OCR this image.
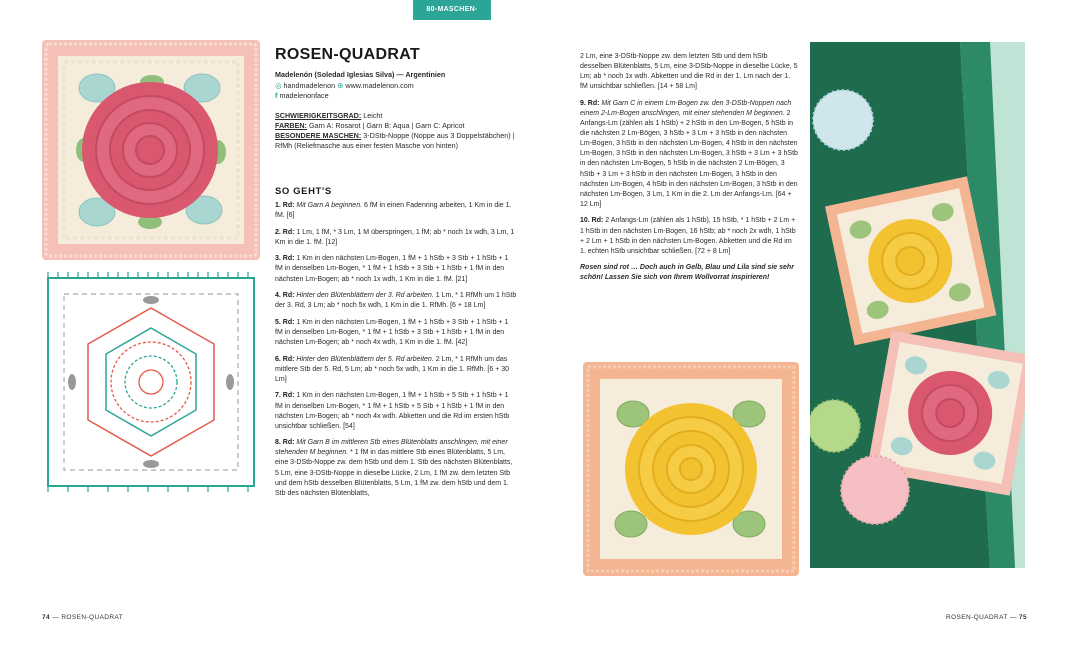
80-MASCHEN-QUADRAT
ROSEN-QUADRAT
Madelenón (Soledad Iglesias Silva) — Argentinien
◎ handmadelenon ⊕ www.madelenon.com
f madelenonface
SCHWIERIGKEITSGRAD: Leicht
FARBEN: Garn A: Rosarot | Garn B: Aqua | Garn C: Apricot
BESONDERE MASCHEN: 3-DStb-Noppe (Noppe aus 3 Doppelstäbchen) | RfMh (Reliefmasche aus einer festen Masche von hinten)
SO GEHT'S

1. Rd: Mit Garn A beginnen. 6 fM in einen Fadenring arbeiten, 1 Km in die 1. fM. [6]

2. Rd: 1 Lm, 1 fM, * 3 Lm, 1 M überspringen, 1 fM; ab * noch 1x wdh, 3 Lm, 1 Km in die 1. fM. [12]

3. Rd: 1 Km in den nächsten Lm-Bogen, 1 fM + 1 hStb + 3 Stb + 1 hStb + 1 fM in denselben Lm-Bogen, * 1 fM + 1 hStb + 3 Stb + 1 hStb + 1 fM in den nächsten Lm-Bogen; ab * noch 1x wdh, 1 Km in die 1. fM. [21]

4. Rd: Hinter den Blütenblättern der 3. Rd arbeiten. 1 Lm, * 1 RfMh um 1 hStb der 3. Rd, 3 Lm; ab * noch 5x wdh, 1 Km in die 1. RfMh. [6 + 18 Lm]

5. Rd: 1 Km in den nächsten Lm-Bogen, 1 fM + 1 hStb + 3 Stb + 1 hStb + 1 fM in denselben Lm-Bogen, * 1 fM + 1 hStb + 3 Stb + 1 hStb + 1 fM in den nächsten Lm-Bogen; ab * noch 4x wdh, 1 Km in die 1. fM. [42]

6. Rd: Hinter den Blütenblättern der 5. Rd arbeiten. 2 Lm, * 1 RfMh um das mittlere Stb der 5. Rd, 5 Lm; ab * noch 5x wdh, 1 Km in die 1. RfMh. [6 + 30 Lm]

7. Rd: 1 Km in den nächsten Lm-Bogen, 1 fM + 1 hStb + 5 Stb + 1 hStb + 1 fM in denselben Lm-Bogen, * 1 fM + 1 hStb + 5 Stb + 1 hStb + 1 fM in den nächsten Lm-Bogen; ab * noch 4x wdh. Abketten und die Rd im ersten hStb unsichtbar schließen. [54]

8. Rd: Mit Garn B im mittleren Stb eines Blütenblatts anschlingen, mit einer stehenden M beginnen. * 1 fM in das mittlere Stb eines Blütenblatts, 5 Lm, eine 3-DStb-Noppe zw. dem hStb und dem 1. Stb des nächsten Blütenblatts, 5 Lm, eine 3-DStb-Noppe in dieselbe Lücke, 2 Lm, 1 fM zw. dem letzten Stb und dem hStb desselben Blütenblatts, 5 Lm, 1 fM zw. dem hStb und dem 1. Stb des nächsten Blütenblatts,

2 Lm, eine 3-DStb-Noppe zw. dem letzten Stb und dem hStb desselben Blütenblatts, 5 Lm, eine 3-DStb-Noppe in dieselbe Lücke, 5 Lm; ab * noch 1x wdh. Abketten und die Rd in der 1. Lm nach der 1. fM unsichtbar schließen. [14 + 58 Lm]

9. Rd: Mit Garn C in einem Lm-Bogen zw. den 3-DStb-Noppen nach einem 2-Lm-Bogen anschlingen, mit einer stehenden M beginnen. 2 Anfangs-Lm (zählen als 1 hStb) + 2 hStb in den Lm-Bogen, 5 hStb in die nächsten 2 Lm-Bögen, 3 hStb + 3 Lm + 3 hStb in den nächsten Lm-Bogen, 3 hStb in den nächsten Lm-Bogen, 4 hStb in den nächsten Lm-Bogen, 3 hStb in den nächsten Lm-Bogen, 3 hStb + 3 Lm + 3 hStb in den nächsten Lm-Bogen, 5 hStb in die nächsten 2 Lm-Bögen, 3 hStb + 3 Lm + 3 hStb in den nächsten Lm-Bogen, 3 hStb in den nächsten Lm-Bogen, 4 hStb in den nächsten Lm-Bogen, 3 hStb in den nächsten Lm-Bogen, 3 Lm, 1 Km in die 2. Lm der Anfangs-Lm. [64 + 12 Lm]

10. Rd: 2 Anfangs-Lm (zählen als 1 hStb), 15 hStb, * 1 hStb + 2 Lm + 1 hStb in den nächsten Lm-Bogen, 16 hStb; ab * noch 2x wdh, 1 hStb + 2 Lm + 1 hStb in den nächsten Lm-Bogen. Abketten und die Rd im 1. echten hStb unsichtbar schließen. [72 + 8 Lm]

Rosen sind rot … Doch auch in Gelb, Blau und Lila sind sie sehr schön! Lassen Sie sich von Ihrem Wollvorrat inspirieren!

74 — ROSEN-QUADRAT	ROSEN-QUADRAT — 75
